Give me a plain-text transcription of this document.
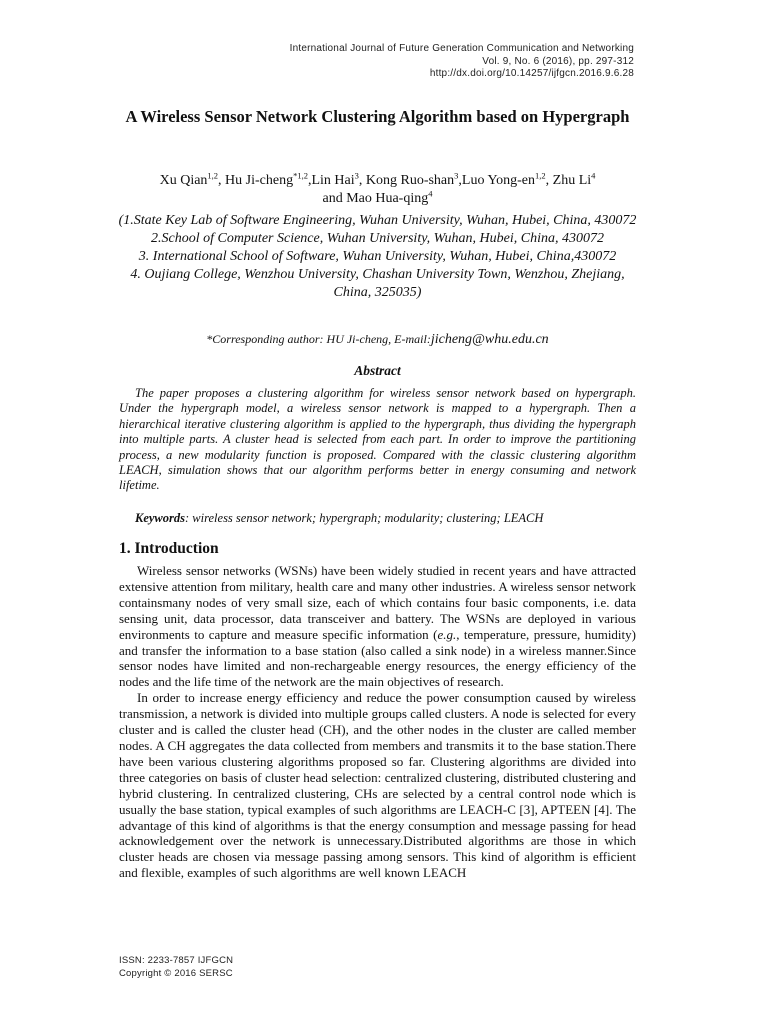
International Journal of Future Generation Communication and Networking
Vol. 9, No. 6 (2016), pp. 297-312
http://dx.doi.org/10.14257/ijfgcn.2016.9.6.28
A Wireless Sensor Network Clustering Algorithm based on Hypergraph
Xu Qian$^{1,2}$, Hu Ji-cheng$^{*1,2}$,Lin Hai$^3$, Kong Ruo-shan$^3$,Luo Yong-en$^{1,2}$, Zhu Li$^4$
and Mao Hua-qing$^4$
(1.State Key Lab of Software Engineering, Wuhan University, Wuhan, Hubei, China, 430072
2.School of Computer Science, Wuhan University, Wuhan, Hubei, China, 430072
3. International School of Software, Wuhan University, Wuhan, Hubei, China,430072
4. Oujiang College, Wenzhou University, Chashan University Town, Wenzhou, Zhejiang, China, 325035)
*Corresponding author: HU Ji-cheng, E-mail:jicheng@whu.edu.cn
Abstract

The paper proposes a clustering algorithm for wireless sensor network based on hypergraph. Under the hypergraph model, a wireless sensor network is mapped to a hypergraph. Then a hierarchical iterative clustering algorithm is applied to the hypergraph, thus dividing the hypergraph into multiple parts. A cluster head is selected from each part. In order to improve the partitioning process, a new modularity function is proposed. Compared with the classic clustering algorithm LEACH, simulation shows that our algorithm performs better in energy consuming and network lifetime.

Keywords: wireless sensor network; hypergraph; modularity; clustering; LEACH
1. Introduction

Wireless sensor networks (WSNs) have been widely studied in recent years and have attracted extensive attention from military, health care and many other industries. A wireless sensor network containsmany nodes of very small size, each of which contains four basic components, i.e. data sensing unit, data processor, data transceiver and battery. The WSNs are deployed in various environments to capture and measure specific information (e.g., temperature, pressure, humidity) and transfer the information to a base station (also called a sink node) in a wireless manner.Since sensor nodes have limited and non-rechargeable energy resources, the energy efficiency of the nodes and the life time of the network are the main objectives of research.

In order to increase energy efficiency and reduce the power consumption caused by wireless transmission, a network is divided into multiple groups called clusters. A node is selected for every cluster and is called the cluster head (CH), and the other nodes in the cluster are called member nodes. A CH aggregates the data collected from members and transmits it to the base station.There have been various clustering algorithms proposed so far. Clustering algorithms are divided into three categories on basis of cluster head selection: centralized clustering, distributed clustering and hybrid clustering. In centralized clustering, CHs are selected by a central control node which is usually the base station, typical examples of such algorithms are LEACH-C [3], APTEEN [4]. The advantage of this kind of algorithms is that the energy consumption and message passing for head acknowledgement over the network is unnecessary.Distributed algorithms are those in which cluster heads are chosen via message passing among sensors. This kind of algorithm is efficient and flexible, examples of such algorithms are well known LEACH

ISSN: 2233-7857 IJFGCN
Copyright © 2016 SERSC
